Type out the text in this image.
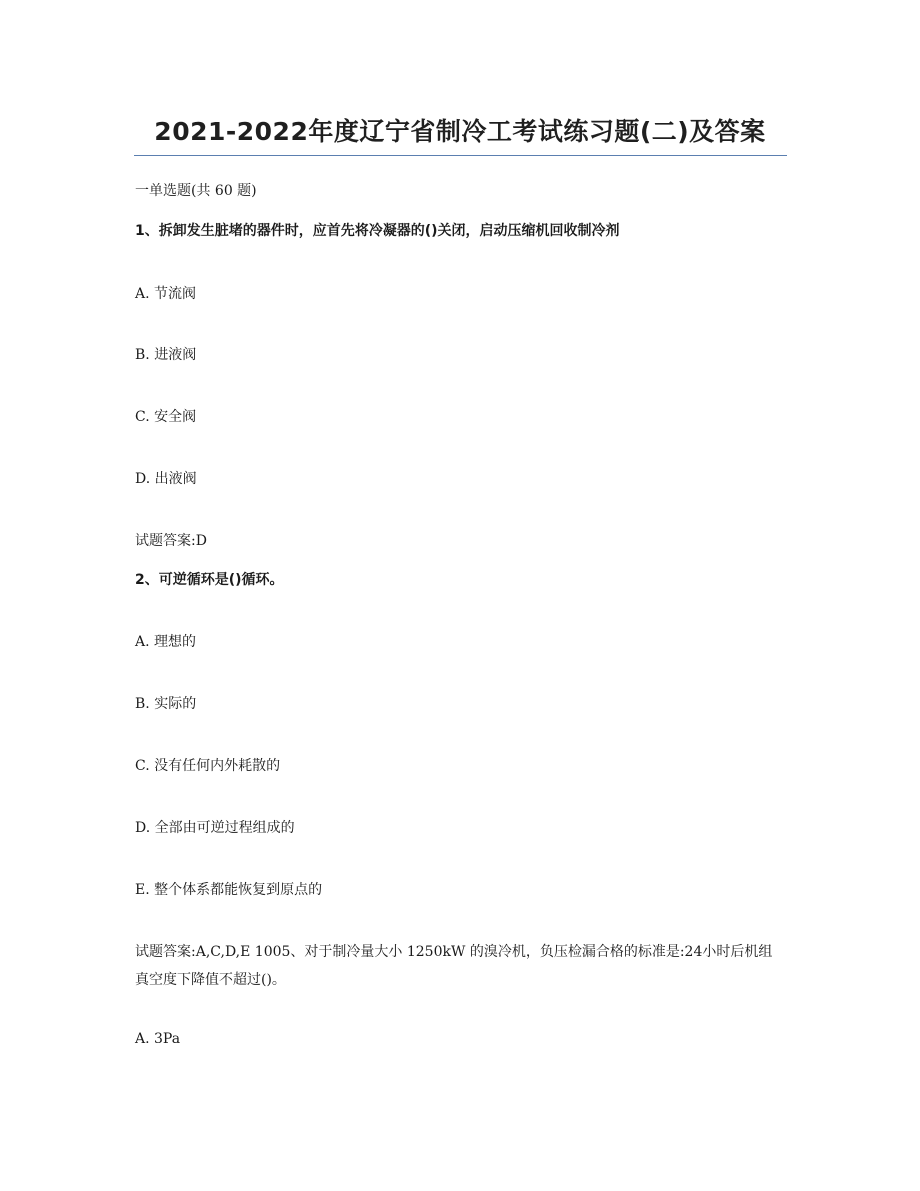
2021-2022年度辽宁省制冷工考试练习题(二)及答案
一单选题(共 60 题)
1、拆卸发生脏堵的器件时，应首先将冷凝器的()关闭，启动压缩机回收制冷剂
A. 节流阀
B. 进液阀
C. 安全阀
D. 出液阀
试题答案:D
2、可逆循环是()循环。
A. 理想的
B. 实际的
C. 没有任何内外耗散的
D. 全部由可逆过程组成的
E. 整个体系都能恢复到原点的
试题答案:A,C,D,E 1005、对于制冷量大小 1250kW 的溴冷机，负压检漏合格的标准是:24小时后机组真空度下降值不超过()。
A. 3Pa
